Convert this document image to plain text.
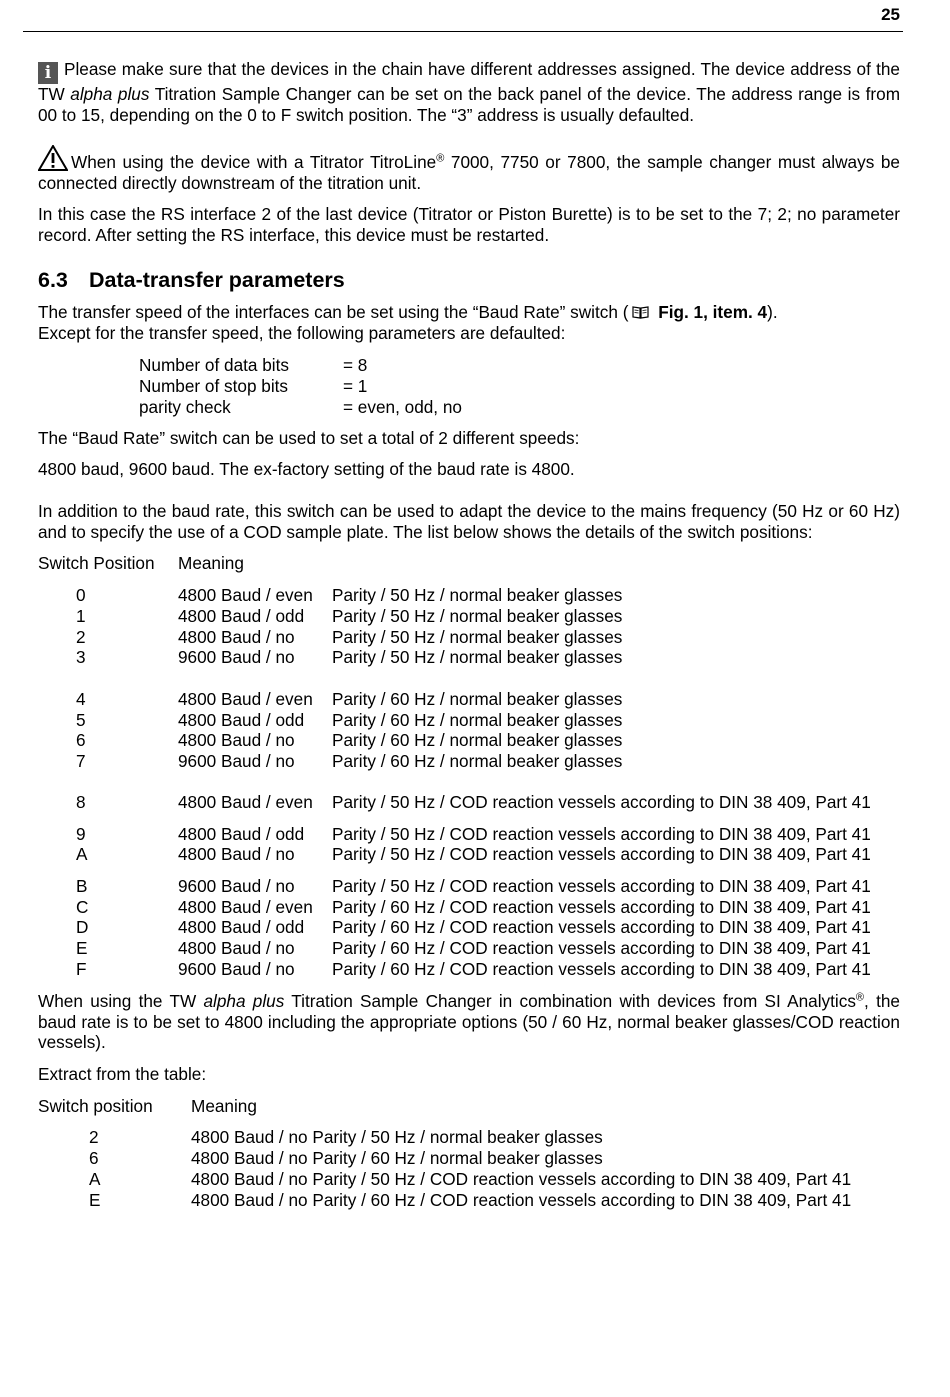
25

i Please make sure that the devices in the chain have different addresses assigned. The device address of the TW alpha plus Titration Sample Changer can be set on the back panel of the device. The address range is from 00 to 15, depending on the 0 to F switch position. The “3” address is usually defaulted.

When using the device with a Titrator TitroLine® 7000, 7750 or 7800, the sample changer must always be connected directly downstream of the titration unit.

In this case the RS interface 2 of the last device (Titrator or Piston Burette) is to be set to the 7; 2; no parameter record. After setting the RS interface, this device must be restarted.

6.3 Data-transfer parameters

The transfer speed of the interfaces can be set using the “Baud Rate” switch ( Fig. 1, item. 4).

Except for the transfer speed, the following parameters are defaulted:

Number of data bits	= 8
Number of stop bits	= 1
parity check	= even, odd, no

The “Baud Rate” switch can be used to set a total of 2 different speeds:

4800 baud, 9600 baud. The ex-factory setting of the baud rate is 4800.

In addition to the baud rate, this switch can be used to adapt the device to the mains frequency (50 Hz or 60 Hz) and to specify the use of a COD sample plate. The list below shows the details of the switch positions:

Switch Position Meaning
0	4800 Baud / even Parity / 50 Hz / normal beaker glasses
1	4800 Baud / odd Parity / 50 Hz / normal beaker glasses
2	4800 Baud / no Parity / 50 Hz / normal beaker glasses
3	9600 Baud / no Parity / 50 Hz / normal beaker glasses
4	4800 Baud / even Parity / 60 Hz / normal beaker glasses
5	4800 Baud / odd Parity / 60 Hz / normal beaker glasses
6	4800 Baud / no Parity / 60 Hz / normal beaker glasses
7	9600 Baud / no Parity / 60 Hz / normal beaker glasses
8	4800 Baud / even Parity / 50 Hz / COD reaction vessels according to DIN 38 409, Part 41
9	4800 Baud / odd Parity / 50 Hz / COD reaction vessels according to DIN 38 409, Part 41
A	4800 Baud / no Parity / 50 Hz / COD reaction vessels according to DIN 38 409, Part 41
B	9600 Baud / no Parity / 50 Hz / COD reaction vessels according to DIN 38 409, Part 41
C	4800 Baud / even Parity / 60 Hz / COD reaction vessels according to DIN 38 409, Part 41
D	4800 Baud / odd Parity / 60 Hz / COD reaction vessels according to DIN 38 409, Part 41
E	4800 Baud / no Parity / 60 Hz / COD reaction vessels according to DIN 38 409, Part 41
F	9600 Baud / no Parity / 60 Hz / COD reaction vessels according to DIN 38 409, Part 41

When using the TW alpha plus Titration Sample Changer in combination with devices from SI Analytics®, the baud rate is to be set to 4800 including the appropriate options (50 / 60 Hz, normal beaker glasses/COD reaction vessels).

Extract from the table:

Switch position Meaning
2	4800 Baud / no Parity / 50 Hz / normal beaker glasses
6	4800 Baud / no Parity / 60 Hz / normal beaker glasses
A	4800 Baud / no Parity / 50 Hz / COD reaction vessels according to DIN 38 409, Part 41
E	4800 Baud / no Parity / 60 Hz / COD reaction vessels according to DIN 38 409, Part 41
